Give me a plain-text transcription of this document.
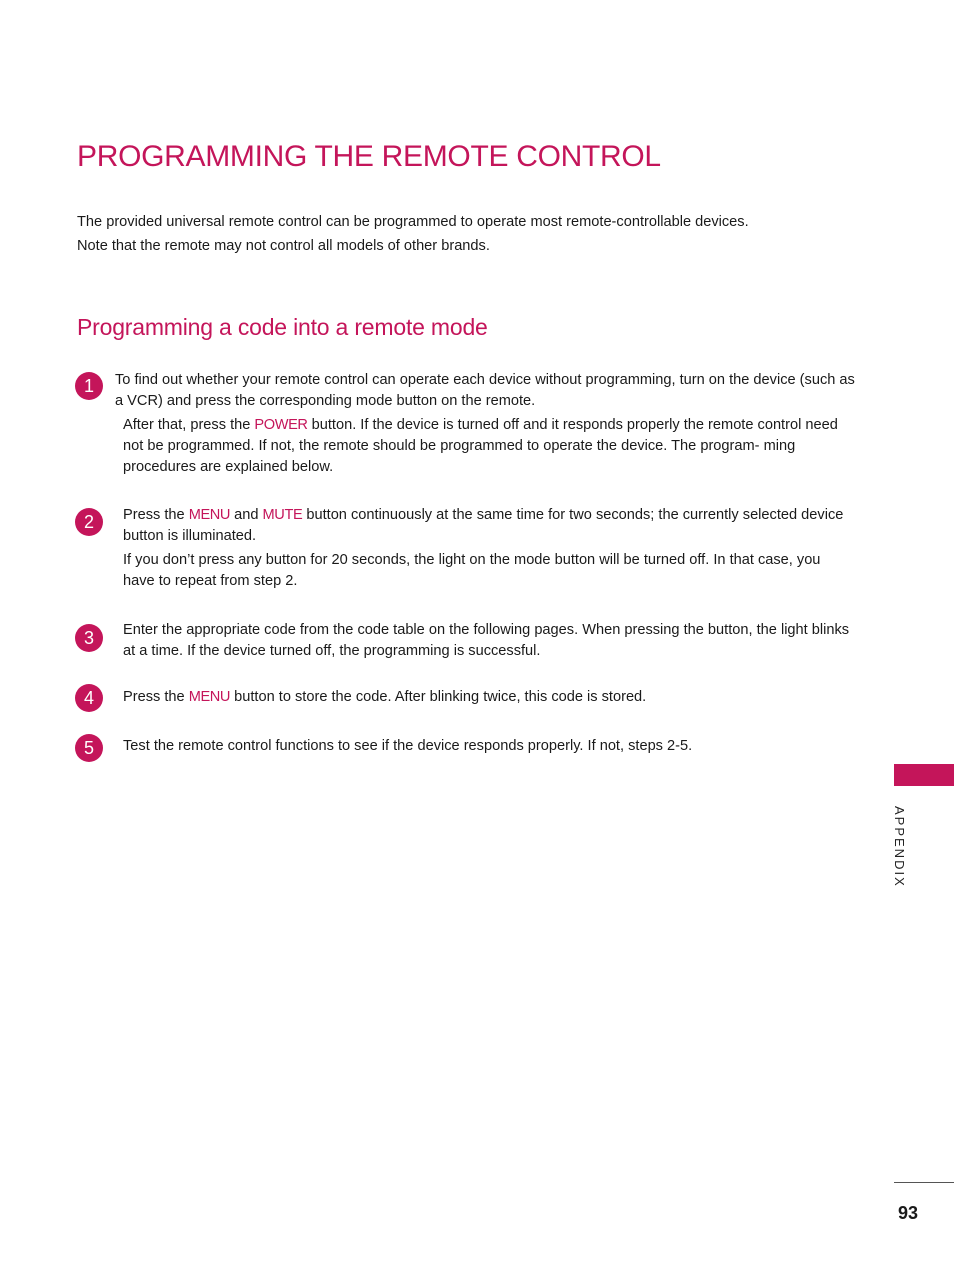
PROGRAMMING THE REMOTE CONTROL

The provided universal remote control can be programmed to operate most remote-controllable devices.

Note that the remote may not control all models of other brands.

Programming a code into a remote mode
1	To find out whether your remote control can operate each device without programming, turn on the device (such as a VCR) and press the corresponding mode button on the remote.

After that, press the POWER button. If the device is turned off and it responds properly the remote control need not be programmed. If not, the remote should be programmed to operate the device. The program- ming procedures are explained below.

2	Press the MENU and MUTE button continuously at the same time for two seconds; the currently selected device button is illuminated.

If you don’t press any button for 20 seconds, the light on the mode button will be turned off. In that case, you have to repeat from step 2.

3	Enter the appropriate code from the code table on the following pages. When pressing the button, the light blinks at a time. If the device turned off, the programming is successful.

4	Press the MENU button to store the code. After blinking twice, this code is stored.

5	Test the remote control functions to see if the device responds properly. If not, steps 2-5.

APPENDIX
93
